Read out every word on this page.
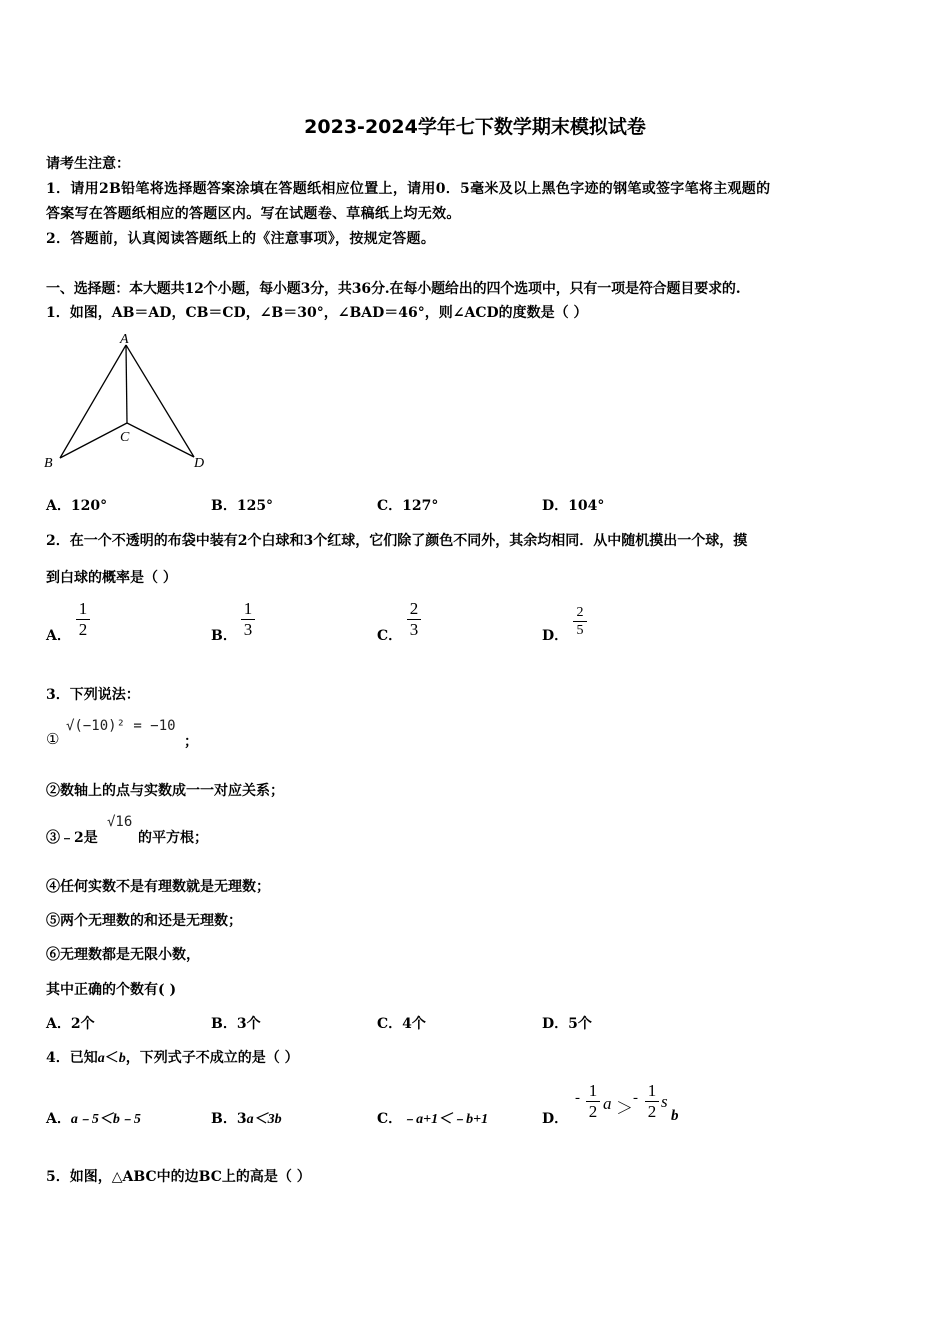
2023-2024学年七下数学期末模拟试卷
请考生注意：
1．请用2B铅笔将选择题答案涂填在答题纸相应位置上，请用0．5毫米及以上黑色字迹的钢笔或签字笔将主观题的
答案写在答题纸相应的答题区内。写在试题卷、草稿纸上均无效。
2．答题前，认真阅读答题纸上的《注意事项》，按规定答题。
一、选择题：本大题共12个小题，每小题3分，共36分.在每小题给出的四个选项中，只有一项是符合题目要求的.
1．如图，AB＝AD，CB＝CD，∠B＝30°，∠BAD＝46°，则∠ACD的度数是（ ）
A
B
C
D
A．120°	B．125°	C．127°	D．104°
2．在一个不透明的布袋中装有2个白球和3个红球，它们除了颜色不同外，其余均相同．从中随机摸出一个球，摸
到白球的概率是（ ）
A．
1
2	B．
1
3	C．
2
3	D．
2
5
3．下列说法：
①
√(−10)² = −10
；
②数轴上的点与实数成一一对应关系；
③﹣2是
√16
的平方根；
④任何实数不是有理数就是无理数；
⑤两个无理数的和还是无理数；
⑥无理数都是无限小数，
其中正确的个数有( )
A．2个	B．3个	C．4个	D．5个
4．已知a＜b，下列式子不成立的是（ ）
A．a﹣5＜b﹣5	B．3a＜3b	C．﹣a+1＜﹣b+1	D．
- 1
2 a ＞
- 1
2
s
b
5．如图，△ABC中的边BC上的高是（ ）
